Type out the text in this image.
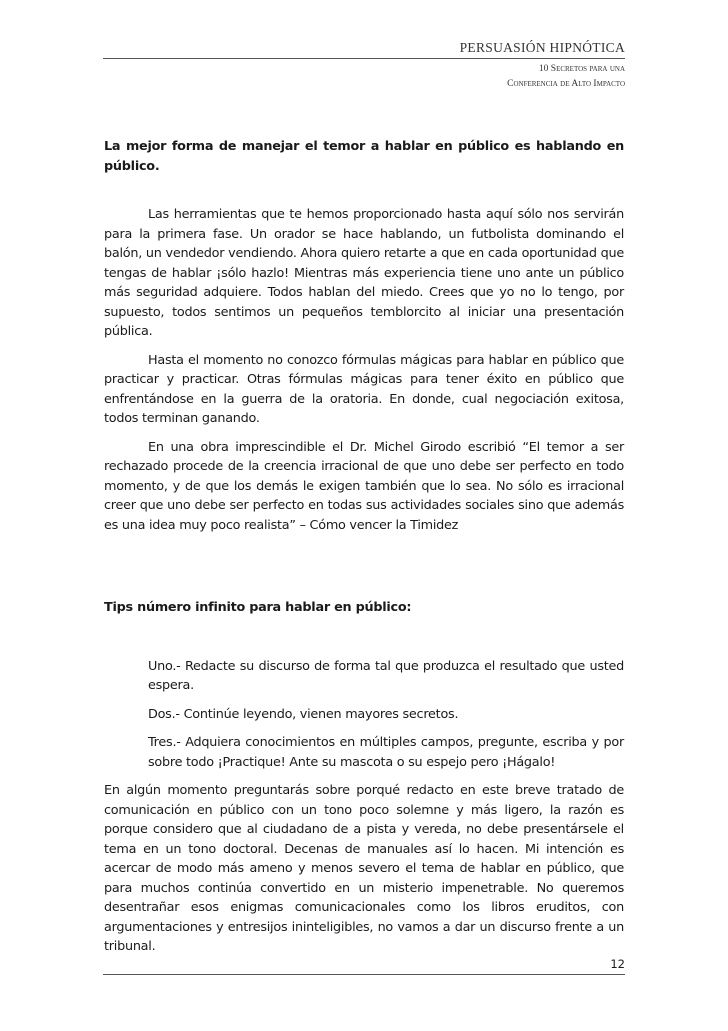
PERSUASIÓN HIPNÓTICA
10 Secretos para una
Conferencia de Alto Impacto

La mejor forma de manejar el temor a hablar en público es hablando en público.

Las herramientas que te hemos proporcionado hasta aquí sólo nos servirán para la primera fase. Un orador se hace hablando, un futbolista dominando el balón, un vendedor vendiendo. Ahora quiero retarte a que en cada oportunidad que tengas de hablar ¡sólo hazlo! Mientras más experiencia tiene uno ante un público más seguridad adquiere. Todos hablan del miedo. Crees que yo no lo tengo, por supuesto, todos sentimos un pequeños temblorcito al iniciar una presentación pública.

Hasta el momento no conozco fórmulas mágicas para hablar en público que practicar y practicar. Otras fórmulas mágicas para tener éxito en público que enfrentándose en la guerra de la oratoria. En donde, cual negociación exitosa, todos terminan ganando.

En una obra imprescindible el Dr. Michel Girodo escribió “El temor a ser rechazado procede de la creencia irracional de que uno debe ser perfecto en todo momento, y de que los demás le exigen también que lo sea. No sólo es irracional creer que uno debe ser perfecto en todas sus actividades sociales sino que además es una idea muy poco realista” – Cómo vencer la Timidez

Tips número infinito para hablar en público:

Uno.- Redacte su discurso de forma tal que produzca el resultado que usted espera.
Dos.- Continúe leyendo, vienen mayores secretos.
Tres.- Adquiera conocimientos en múltiples campos, pregunte, escriba y por sobre todo ¡Practique! Ante su mascota o su espejo pero ¡Hágalo!

En algún momento preguntarás sobre porqué redacto en este breve tratado de comunicación en público con un tono poco solemne y más ligero, la razón es porque considero que al ciudadano de a pista y vereda, no debe presentársele el tema en un tono doctoral. Decenas de manuales así lo hacen. Mi intención es acercar de modo más ameno y menos severo el tema de hablar en público, que para muchos continúa convertido en un misterio impenetrable. No queremos desentrañar esos enigmas comunicacionales como los libros eruditos, con argumentaciones y entresijos ininteligibles, no vamos a dar un discurso frente a un tribunal.

12
